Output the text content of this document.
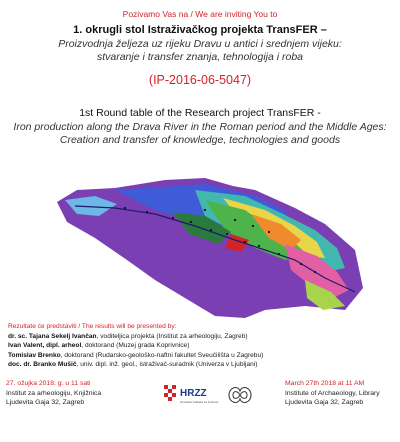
Pozivamo Vas na / We are inviting You to
1. okrugli stol Istraživačkog projekta TransFER –
Proizvodnja željeza uz rijeku Dravu u antici i srednjem vijeku:
stvaranje i transfer znanja, tehnologija i roba
(IP-2016-06-5047)
1st Round table of the Research project TransFER -
Iron production along the Drava River in the Roman period and the Middle Ages:
Creation and transfer of knowledge, technologies and goods
Rezultate će predstaviti / The results will be presented by:
dr. sc. Tajana Sekelj Ivančan, voditeljica projekta (Institut za arheologiju, Zagreb)
Ivan Valent, dipl. arheol, doktorand (Muzej grada Koprivnice)
Tomislav Brenko, doktorand (Rudarsko-geološko-naftni fakultet Sveučilišta u Zagrebu)
doc. dr. Branko Mušič, univ. dipl. inž. geol., istraživač-suradnik (Univerza v Ljubljani)
27. ožujka 2018. g. u 11 sati
Institut za arheologiju, Knjižnica
Ljudevita Gaja 32, Zagreb
HRZZ
Hrvatska zaklada za znanost
March 27th 2018 at 11 AM
Institute of Archaeology, Library
Ljudevita Gaja 32, Zagreb
